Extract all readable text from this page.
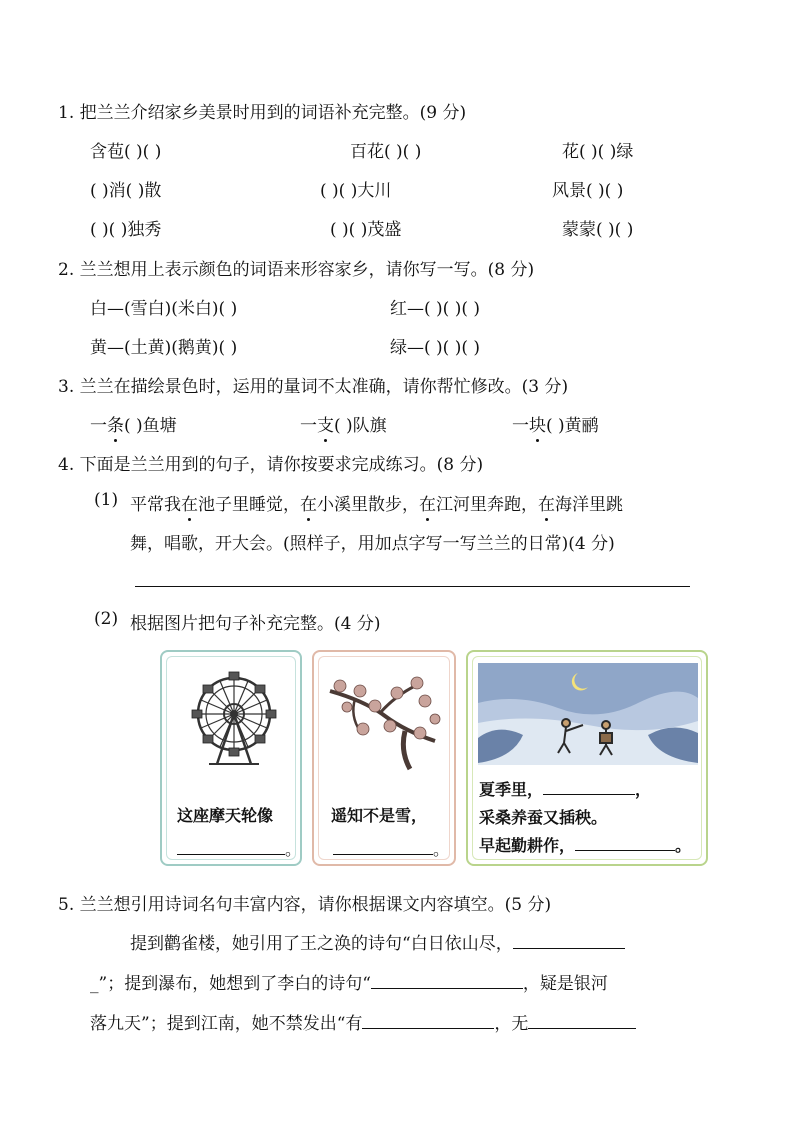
1. 把兰兰介绍家乡美景时用到的词语补充完整。(9 分)
含苞( )( )	百花( )( )	花( )( )绿
( )消( )散	( )( )大川	风景( )( )
( )( )独秀	( )( )茂盛	蒙蒙( )( )
2. 兰兰想用上表示颜色的词语来形容家乡，请你写一写。(8 分)
白—(雪白)(米白)( )	红—( )( )( )
黄—(土黄)(鹅黄)( )	绿—( )( )( )
3. 兰兰在描绘景色时，运用的量词不太准确，请你帮忙修改。(3 分)
一条( )鱼塘	一支( )队旗	一块( )黄鹂
4. 下面是兰兰用到的句子，请你按要求完成练习。(8 分)
(1) 平常我在池子里睡觉，在小溪里散步，在江河里奔跑，在海洋里跳
舞，唱歌，开大会。(照样子，用加点字写一写兰兰的日常)(4 分)
(2) 根据图片把句子补充完整。(4 分)
这座摩天轮像
。
遥知不是雪，
。
夏季里，	，
采桑养蚕又插秧。
早起勤耕作，	。
5. 兰兰想引用诗词名句丰富内容，请你根据课文内容填空。(5 分)
提到鹳雀楼，她引用了王之涣的诗句“白日依山尽，
_”；提到瀑布，她想到了李白的诗句“	，疑是银河
落九天”；提到江南，她不禁发出“有	，无
